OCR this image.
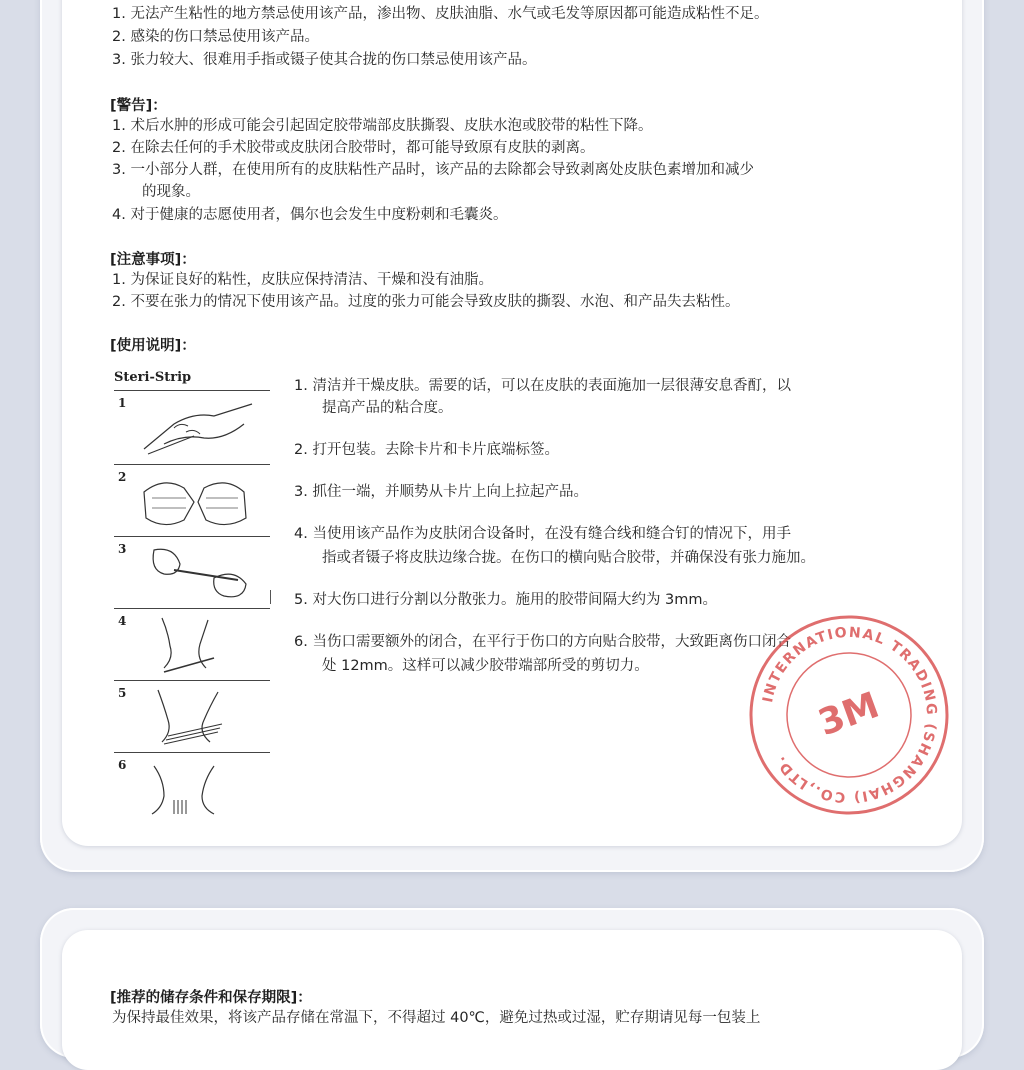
1. 无法产生粘性的地方禁忌使用该产品，渗出物、皮肤油脂、水气或毛发等原因都可能造成粘性不足。
2. 感染的伤口禁忌使用该产品。
3. 张力较大、很难用手指或镊子使其合拢的伤口禁忌使用该产品。
[警告]：
1. 术后水肿的形成可能会引起固定胶带端部皮肤撕裂、皮肤水泡或胶带的粘性下降。
2. 在除去任何的手术胶带或皮肤闭合胶带时，都可能导致原有皮肤的剥离。
3. 一小部分人群，在使用所有的皮肤粘性产品时，该产品的去除都会导致剥离处皮肤色素增加和减少
的现象。
4. 对于健康的志愿使用者，偶尔也会发生中度粉刺和毛囊炎。
[注意事项]：
1. 为保证良好的粘性，皮肤应保持清洁、干燥和没有油脂。
2. 不要在张力的情况下使用该产品。过度的张力可能会导致皮肤的撕裂、水泡、和产品失去粘性。
[使用说明]：
Steri-Strip
1
2
3
4
5
6
1. 清洁并干燥皮肤。需要的话，可以在皮肤的表面施加一层很薄安息香酊，以
提高产品的粘合度。
2. 打开包装。去除卡片和卡片底端标签。
3. 抓住一端，并顺势从卡片上向上拉起产品。
4. 当使用该产品作为皮肤闭合设备时，在没有缝合线和缝合钉的情况下，用手
指或者镊子将皮肤边缘合拢。在伤口的横向贴合胶带，并确保没有张力施加。
5. 对大伤口进行分割以分散张力。施用的胶带间隔大约为 3mm。
6. 当伤口需要额外的闭合，在平行于伤口的方向贴合胶带，大致距离伤口闭合
处 12mm。这样可以减少胶带端部所受的剪切力。
INTERNATIONAL TRADING (SHANGHAI) CO.,LTD.
3M
[推荐的储存条件和保存期限]：
为保持最佳效果，将该产品存储在常温下，不得超过 40℃，避免过热或过湿，贮存期请见每一包装上
